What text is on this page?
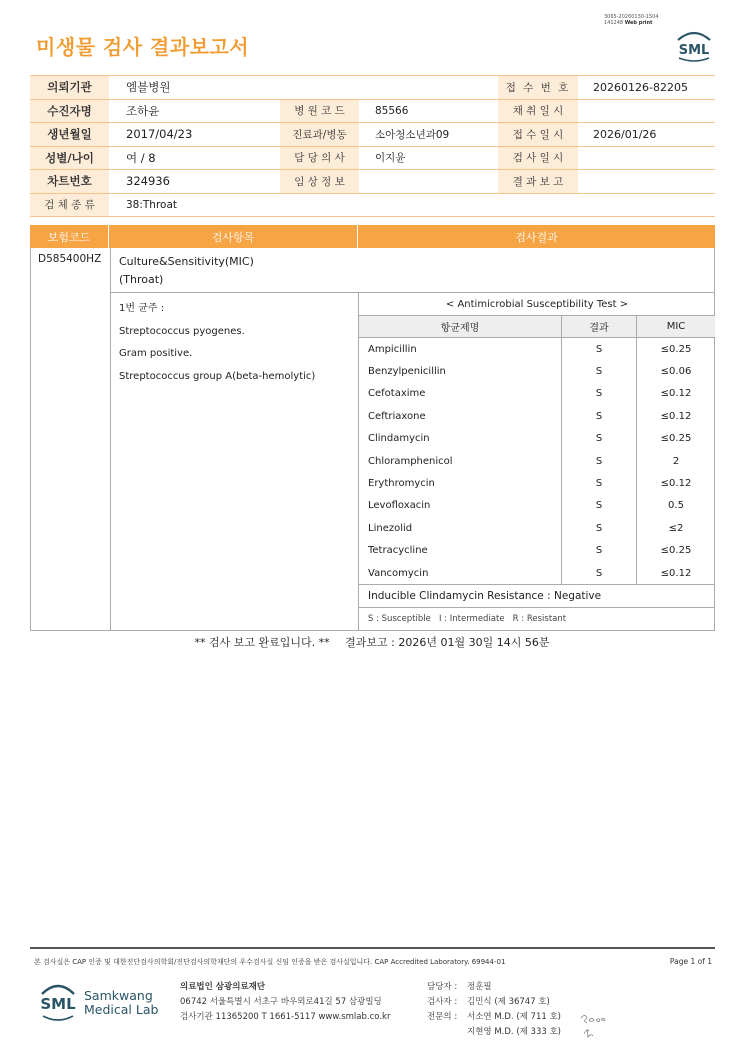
3065-20260130-1504
141248 Web print
미생물 검사 결과보고서	SML
의뢰기관	엠블병원	접 수 번 호	20260126-82205
수진자명	조하윤	병 원 코 드	85566	채 취 일 시
생년월일	2017/04/23	진료과/병동	소아청소년과09	접 수 일 시	2026/01/26
성별/나이	여 / 8	담 당 의 사	이지윤	검 사 일 시
차트번호	324936	임 상 정 보	결 과 보 고
검 체 종 류	38:Throat
보험코드	검사항목	검사결과
D585400HZ Culture&Sensitivity(MIC)
(Throat)
1번 균주 :
Streptococcus pyogenes.
Gram positive.
Streptococcus group A(beta-hemolytic)
< Antimicrobial Susceptibility Test >
항균제명	결과	MIC
Ampicillin	S	≤0.25
Benzylpenicillin	S	≤0.06
Cefotaxime	S	≤0.12
Ceftriaxone	S	≤0.12
Clindamycin	S	≤0.25
Chloramphenicol	S	2
Erythromycin	S	≤0.12
Levofloxacin	S	0.5
Linezolid	S	≤2
Tetracycline	S	≤0.25
Vancomycin	S	≤0.12
Inducible Clindamycin Resistance : Negative
S : Susceptible   I : Intermediate   R : Resistant
** 검사 보고 완료입니다. ** 결과보고 : 2026년 01월 30일 14시 56분
본 검사실은 CAP 인증 및 대한진단검사의학회/진단검사의학재단의 우수검사실 신임 인증을 받은 검사실입니다. CAP Accredited Laboratory. 69944-01	Page 1 of 1
SML Samkwang
Medical Lab
의료법인 삼광의료재단
06742 서울특별시 서초구 바우뫼로41길 57 삼광빌딩
검사기관 11365200 T 1661-5117 www.smlab.co.kr
담당자 :	정훈필
검사자 :	김민식 (제 36747 호)
전문의 :	서소연 M.D. (제 711 호)
지현영 M.D. (제 333 호)
